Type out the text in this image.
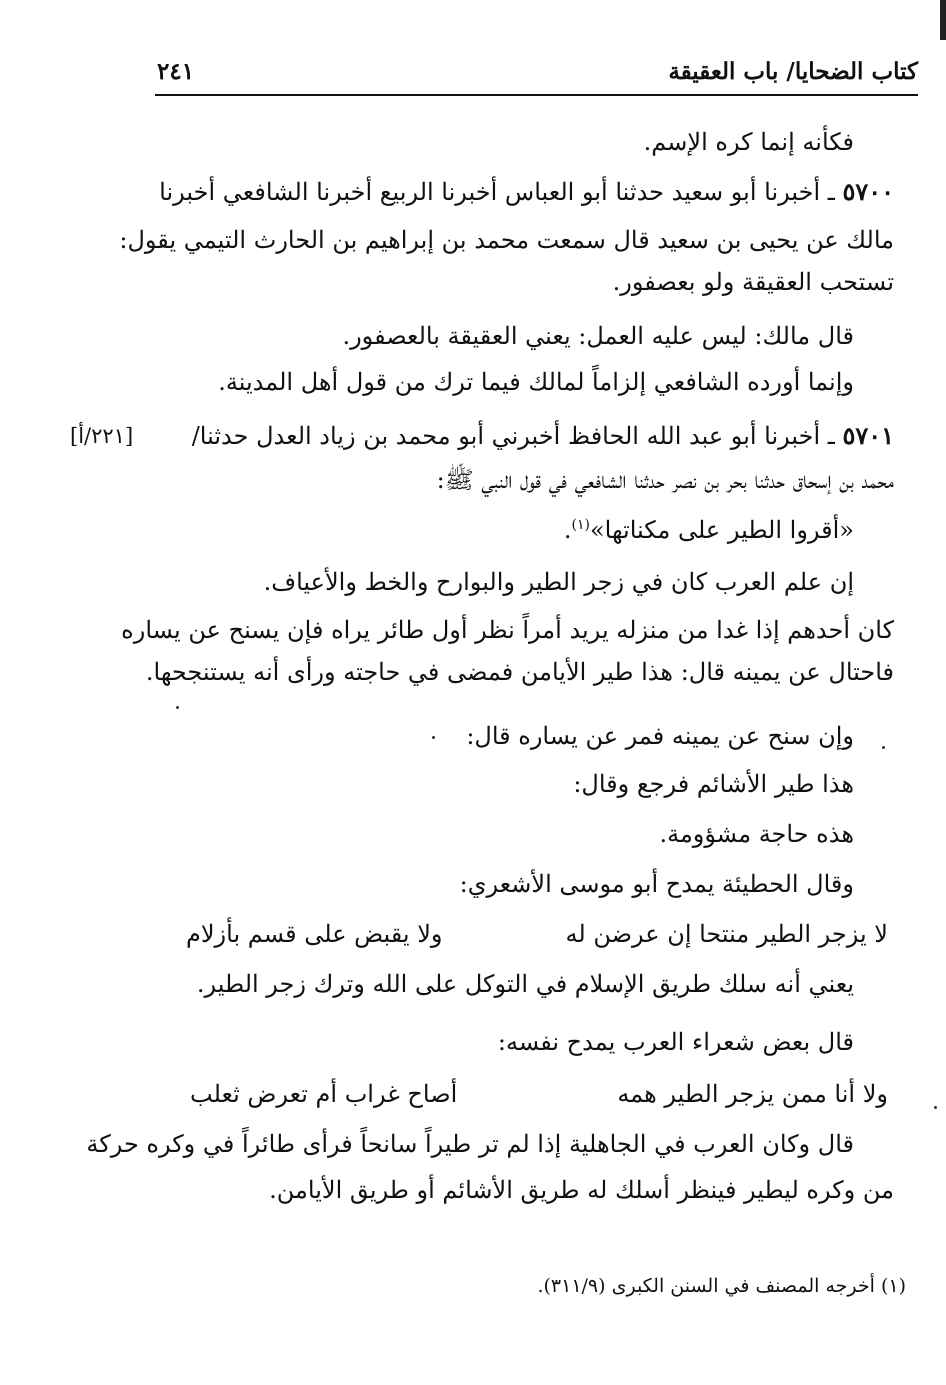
كتاب الضحايا/ باب العقيقة
٢٤١
فكأنه إنما كره الإسم.
٥٧٠٠ ـ أخبرنا أبو سعيد حدثنا أبو العباس أخبرنا الربيع أخبرنا الشافعي أخبرنا
مالك عن يحيى بن سعيد قال سمعت محمد بن إبراهيم بن الحارث التيمي يقول:
تستحب العقيقة ولو بعصفور.
قال مالك: ليس عليه العمل: يعني العقيقة بالعصفور.
وإنما أورده الشافعي إلزاماً لمالك فيما ترك من قول أهل المدينة.
[٢٢١/أ]	٥٧٠١ ـ أخبرنا أبو عبد الله الحافظ أخبرني أبو محمد بن زياد العدل حدثنا/
محمد بن إسحاق حدثنا بحر بن نصر حدثنا الشافعي في قول النبي ﷺ:
«أقروا الطير على مكناتها»$^{(١)}$.
إن علم العرب كان في زجر الطير والبوارح والخط والأعياف.
كان أحدهم إذا غدا من منزله يريد أمراً نظر أول طائر يراه فإن يسنح عن يساره
فاحتال عن يمينه قال: هذا طير الأيامن فمضى في حاجته ورأى أنه يستنجحها.
وإن سنح عن يمينه فمر عن يساره قال:
هذا طير الأشائم فرجع وقال:
هذه حاجة مشؤومة.
وقال الحطيئة يمدح أبو موسى الأشعري:
لا يزجر الطير منتحا إن عرضن له
ولا يقبض على قسم بأزلام
يعني أنه سلك طريق الإسلام في التوكل على الله وترك زجر الطير.
قال بعض شعراء العرب يمدح نفسه:
ولا أنا ممن يزجر الطير همه
أصاح غراب أم تعرض ثعلب
قال وكان العرب في الجاهلية إذا لم تر طيراً سانحاً فرأى طائراً في وكره حركة
من وكره ليطير فينظر أسلك له طريق الأشائم أو طريق الأيامن.
(١) أخرجه المصنف في السنن الكبرى (٣١١/٩).
